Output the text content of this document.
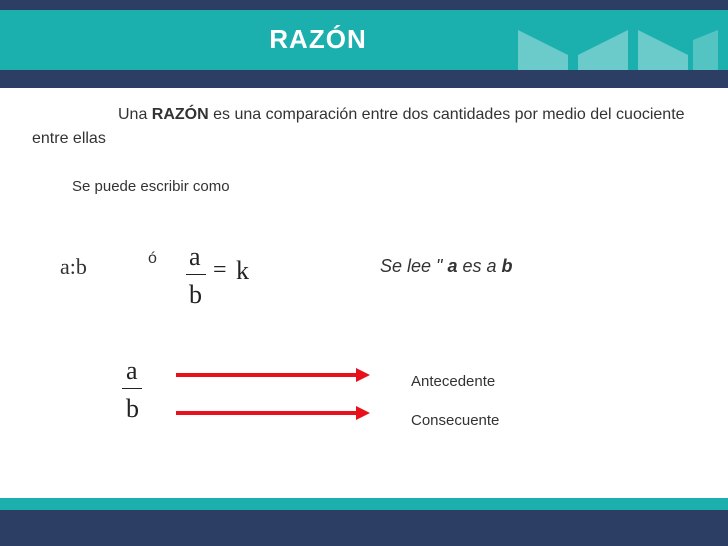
RAZÓN

Una RAZÓN es una comparación entre dos cantidades por medio del cuociente entre ellas

Se puede escribir como
a:b	ó a
b
= k	Se lee " a es a b
a
b
Antecedente
Consecuente
